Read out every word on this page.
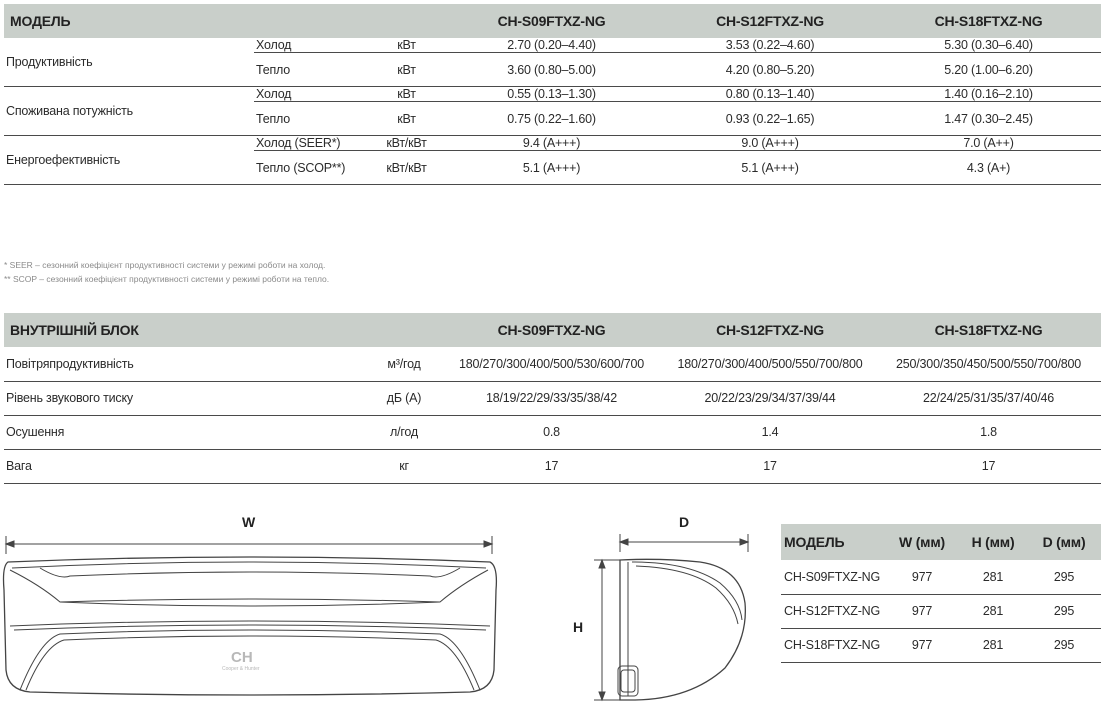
МОДЕЛЬ			CH-S09FTXZ-NG	CH-S12FTXZ-NG	CH-S18FTXZ-NG
Продуктивність	Холод	кВт	2.70 (0.20–4.40)	3.53 (0.22–4.60)	5.30 (0.30–6.40)
	Тепло	кВт	3.60 (0.80–5.00)	4.20 (0.80–5.20)	5.20 (1.00–6.20)
Споживана потужність	Холод	кВт	0.55 (0.13–1.30)	0.80 (0.13–1.40)	1.40 (0.16–2.10)
	Тепло	кВт	0.75 (0.22–1.60)	0.93 (0.22–1.65)	1.47 (0.30–2.45)
Енергоефективність	Холод (SEER*)	кВт/кВт	9.4 (A+++)	9.0 (A+++)	7.0 (A++)
	Тепло (SCOP**)	кВт/кВт	5.1 (A+++)	5.1 (A+++)	4.3 (A+)
* SEER – сезонний коефіцієнт продуктивності системи у режимі роботи на холод.
** SCOP – сезонний коефіцієнт продуктивності системи у режимі роботи на тепло.
ВНУТРІШНІЙ БЛОК		CH-S09FTXZ-NG	CH-S12FTXZ-NG	CH-S18FTXZ-NG
Повітряпродуктивність	м³/год	180/270/300/400/500/530/600/700	180/270/300/400/500/550/700/800	250/300/350/450/500/550/700/800
Рівень звукового тиску	дБ (А)	18/19/22/29/33/35/38/42	20/22/23/29/34/37/39/44	22/24/25/31/35/37/40/46
Осушення	л/год	0.8	1.4	1.8
Вага	кг	17	17	17
W
CH
Cooper & Hunter
D
H
МОДЕЛЬ	W (мм)	H (мм)	D (мм)
CH-S09FTXZ-NG	977	281	295
CH-S12FTXZ-NG	977	281	295
CH-S18FTXZ-NG	977	281	295
